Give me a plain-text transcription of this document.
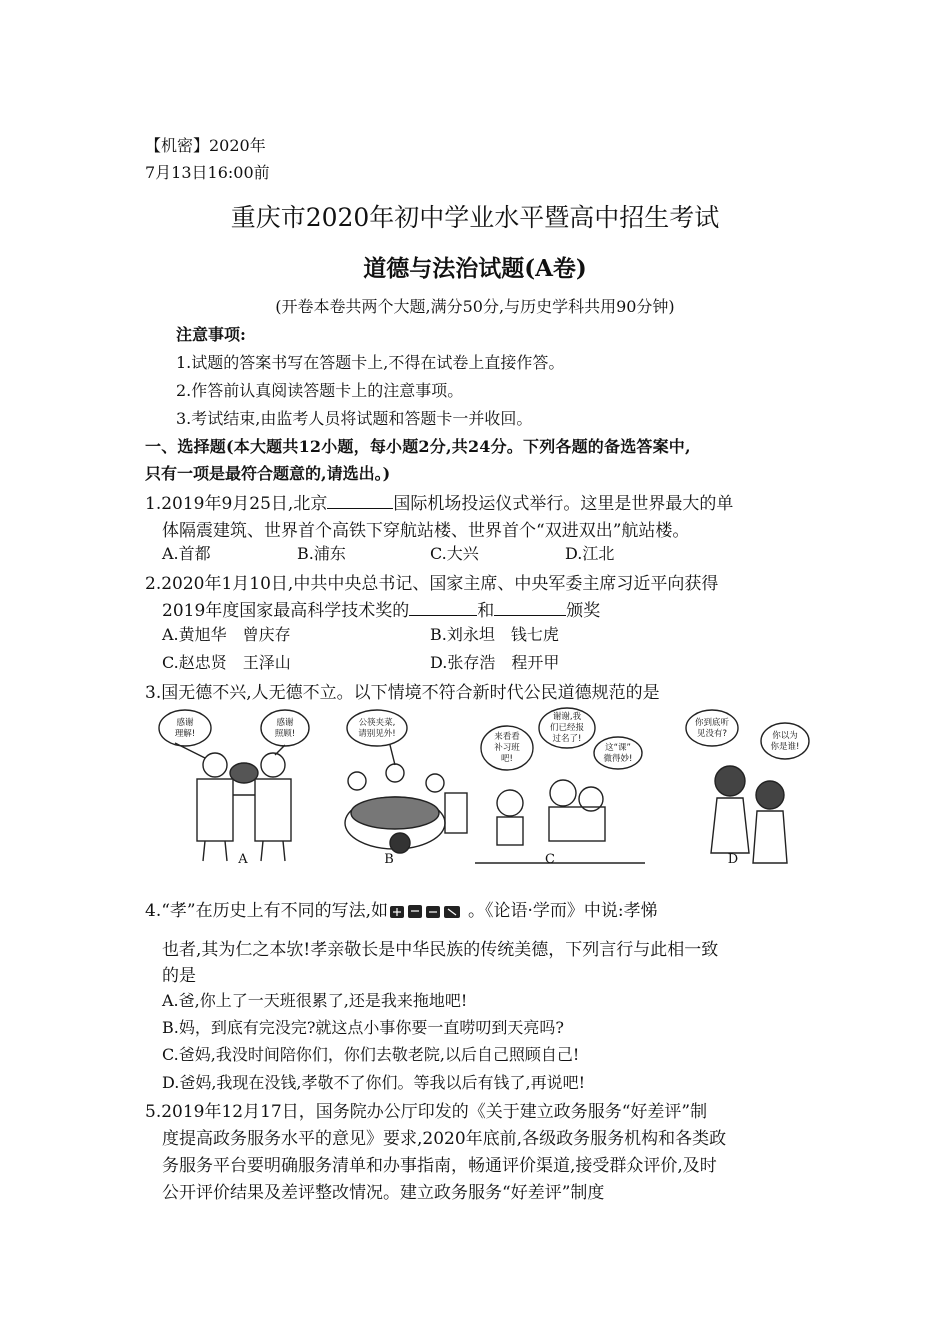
【机密】2020年
7月13日16:00前
重庆市2020年初中学业水平暨高中招生考试
道德与法治试题(A卷)
(开卷本卷共两个大题,满分50分,与历史学科共用90分钟)
注意事项:
1.试题的答案书写在答题卡上,不得在试卷上直接作答。
2.作答前认真阅读答题卡上的注意事项。
3.考试结束,由监考人员将试题和答题卡一并收回。
一、选择题(本大题共12小题，每小题2分,共24分。下列各题的备选答案中,
只有一项是最符合题意的,请选出。)
1.2019年9月25日,北京	国际机场投运仪式举行。这里是世界最大的单
体隔震建筑、世界首个高铁下穿航站楼、世界首个“双进双出”航站楼。
A.首都	B.浦东	C.大兴	D.江北
2.2020年1月10日,中共中央总书记、国家主席、中央军委主席习近平向获得
2019年度国家最高科学技术奖的	和	颁奖
A.黄旭华　曾庆存	B.刘永坦　钱七虎
C.赵忠贤　王泽山	D.张存浩　程开甲
3.国无德不兴,人无德不立。以下情境不符合新时代公民道德规范的是
感谢
理解!
感谢
照顾!
公筷夹菜,
请别见外!	来看看
补习班
吧!
谢谢,我
们已经报
过名了!
这“课”
微得妙!
你到底听
见没有?	你以为
你是谁!
A	B	C	D
4.“孝”在历史上有不同的写法,如	。《论语·学而》中说:孝悌
也者,其为仁之本欤!孝亲敬长是中华民族的传统美德，下列言行与此相一致
的是
A.爸,你上了一天班很累了,还是我来拖地吧!
B.妈，到底有完没完?就这点小事你要一直唠叨到天亮吗?
C.爸妈,我没时间陪你们，你们去敬老院,以后自己照顾自己!
D.爸妈,我现在没钱,孝敬不了你们。等我以后有钱了,再说吧!
5.2019年12月17日，国务院办公厅印发的《关于建立政务服务“好差评”制
度提高政务服务水平的意见》要求,2020年底前,各级政务服务机构和各类政
务服务平台要明确服务清单和办事指南，畅通评价渠道,接受群众评价,及时
公开评价结果及差评整改情况。建立政务服务“好差评”制度
